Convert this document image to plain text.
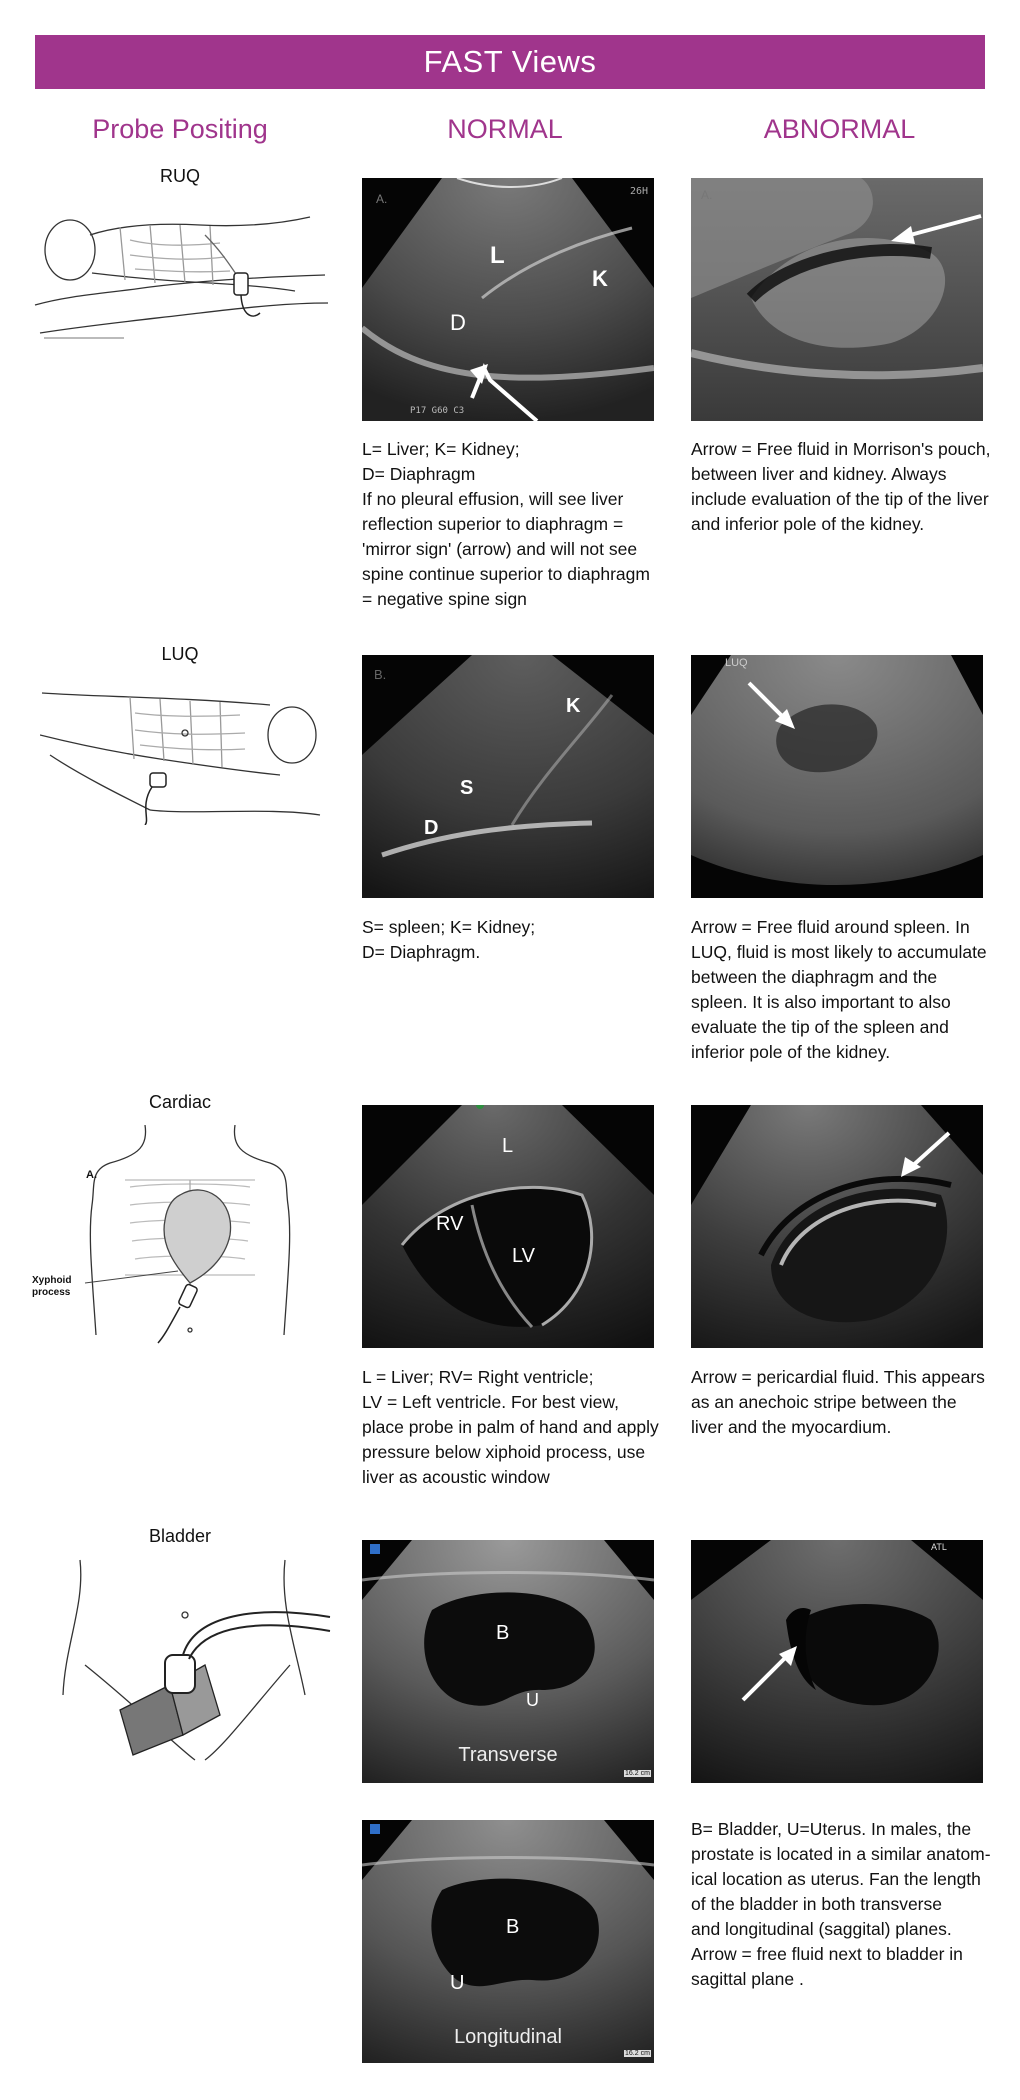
FAST Views
Probe Positing	NORMAL	ABNORMAL
RUQ
A.
26H
P17 G60 C3
L
K
D
A.

L= Liver; K= Kidney;

D= Diaphragm

If no pleural effusion, will see liver

reflection superior to diaphragm =

'mirror sign' (arrow) and will not see

spine continue superior to diaphragm

= negative spine sign

Arrow = Free fluid in Morrison's pouch,

between liver and kidney. Always

include evaluation of the tip of the liver

and inferior pole of the kidney.

LUQ
B.
K
S
D
LUQ

S= spleen; K= Kidney;

D= Diaphragm.

Arrow = Free fluid around spleen. In

LUQ, fluid is most likely to accumulate

between the diaphragm and the

spleen. It is also important to also

evaluate the tip of the spleen and

inferior pole of the kidney.

Cardiac
A.
Xyphoid
process
L
RV
LV

L = Liver; RV= Right ventricle;

LV = Left ventricle. For best view,

place probe in palm of hand and apply

pressure below xiphoid process, use

liver as acoustic window

Arrow = pericardial fluid. This appears

as an anechoic stripe between the

liver and the myocardium.

Bladder
B
U
Transverse
16.2 cm
ATL
B
U
Longitudinal
16.2 cm

B= Bladder, U=Uterus. In males, the

prostate is located in a similar anatom-

ical location as uterus. Fan the length

of the bladder in both transverse

and longitudinal (saggital) planes.

Arrow = free fluid next to bladder in

sagittal plane .
